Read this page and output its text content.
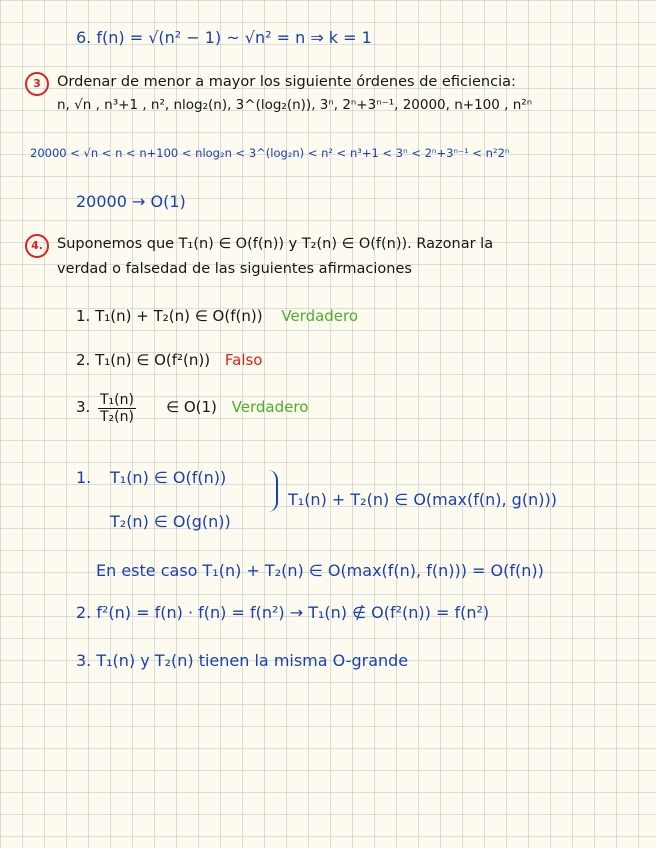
6. f(n) = √(n² − 1) ~ √n² = n ⇒ k = 1
3	Ordenar de menor a mayor los siguiente órdenes de eficiencia:
n, √n , n³+1 , n², nlog₂(n), 3^(log₂(n)), 3ⁿ, 2ⁿ+3ⁿ⁻¹, 20000, n+100 , n²ⁿ
20000 < √n < n < n+100 < nlog₂n < 3^(log₂n) < n² < n³+1 < 3ⁿ < 2ⁿ+3ⁿ⁻¹ < n²2ⁿ
20000 → O(1)
4. Suponemos que T₁(n) ∈ O(f(n)) y T₂(n) ∈ O(f(n)). Razonar la
verdad o falsedad de las siguientes afirmaciones
1. T₁(n) + T₂(n) ∈ O(f(n)) Verdadero
2. T₁(n) ∈ O(f²(n)) Falso
3. $\frac{\text{T₁(n)}}{\text{T₂(n)}}$ ∈ O(1) Verdadero
1. T₁(n) ∈ O(f(n))
T₂(n) ∈ O(g(n))
T₁(n) + T₂(n) ∈ O(max(f(n), g(n)))
En este caso T₁(n) + T₂(n) ∈ O(max(f(n), f(n))) = O(f(n))
2. f²(n) = f(n) · f(n) = f(n²) → T₁(n) ∉ O(f²(n)) = f(n²)
3. T₁(n) y T₂(n) tienen la misma O-grande
